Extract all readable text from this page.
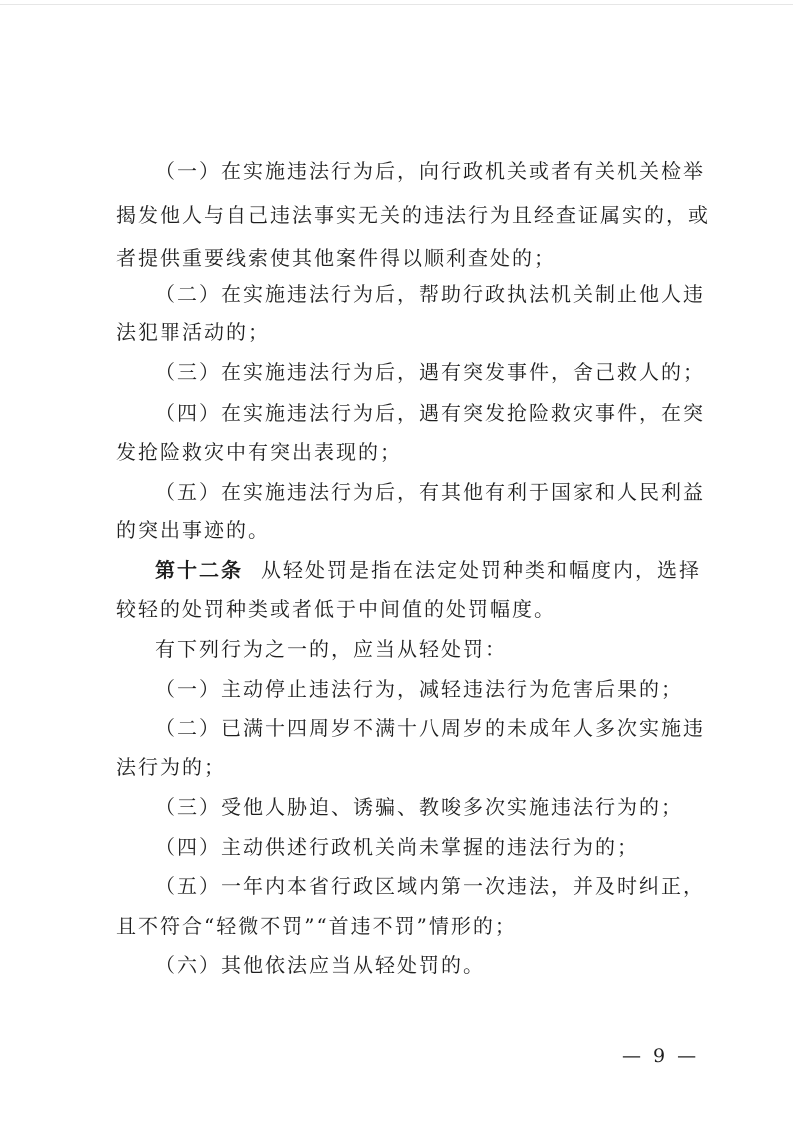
（一）在实施违法行为后，向行政机关或者有关机关检举
揭发他人与自己违法事实无关的违法行为且经查证属实的，或
者提供重要线索使其他案件得以顺利查处的；
（二）在实施违法行为后，帮助行政执法机关制止他人违
法犯罪活动的；
（三）在实施违法行为后，遇有突发事件，舍己救人的；
（四）在实施违法行为后，遇有突发抢险救灾事件，在突
发抢险救灾中有突出表现的；
（五）在实施违法行为后，有其他有利于国家和人民利益
的突出事迹的。
第十二条 从轻处罚是指在法定处罚种类和幅度内，选择
较轻的处罚种类或者低于中间值的处罚幅度。
有下列行为之一的，应当从轻处罚：
（一）主动停止违法行为，减轻违法行为危害后果的；
（二）已满十四周岁不满十八周岁的未成年人多次实施违
法行为的；
（三）受他人胁迫、诱骗、教唆多次实施违法行为的；
（四）主动供述行政机关尚未掌握的违法行为的；
（五）一年内本省行政区域内第一次违法，并及时纠正，
且不符合“轻微不罚”“首违不罚”情形的；
（六）其他依法应当从轻处罚的。
— 9 —
